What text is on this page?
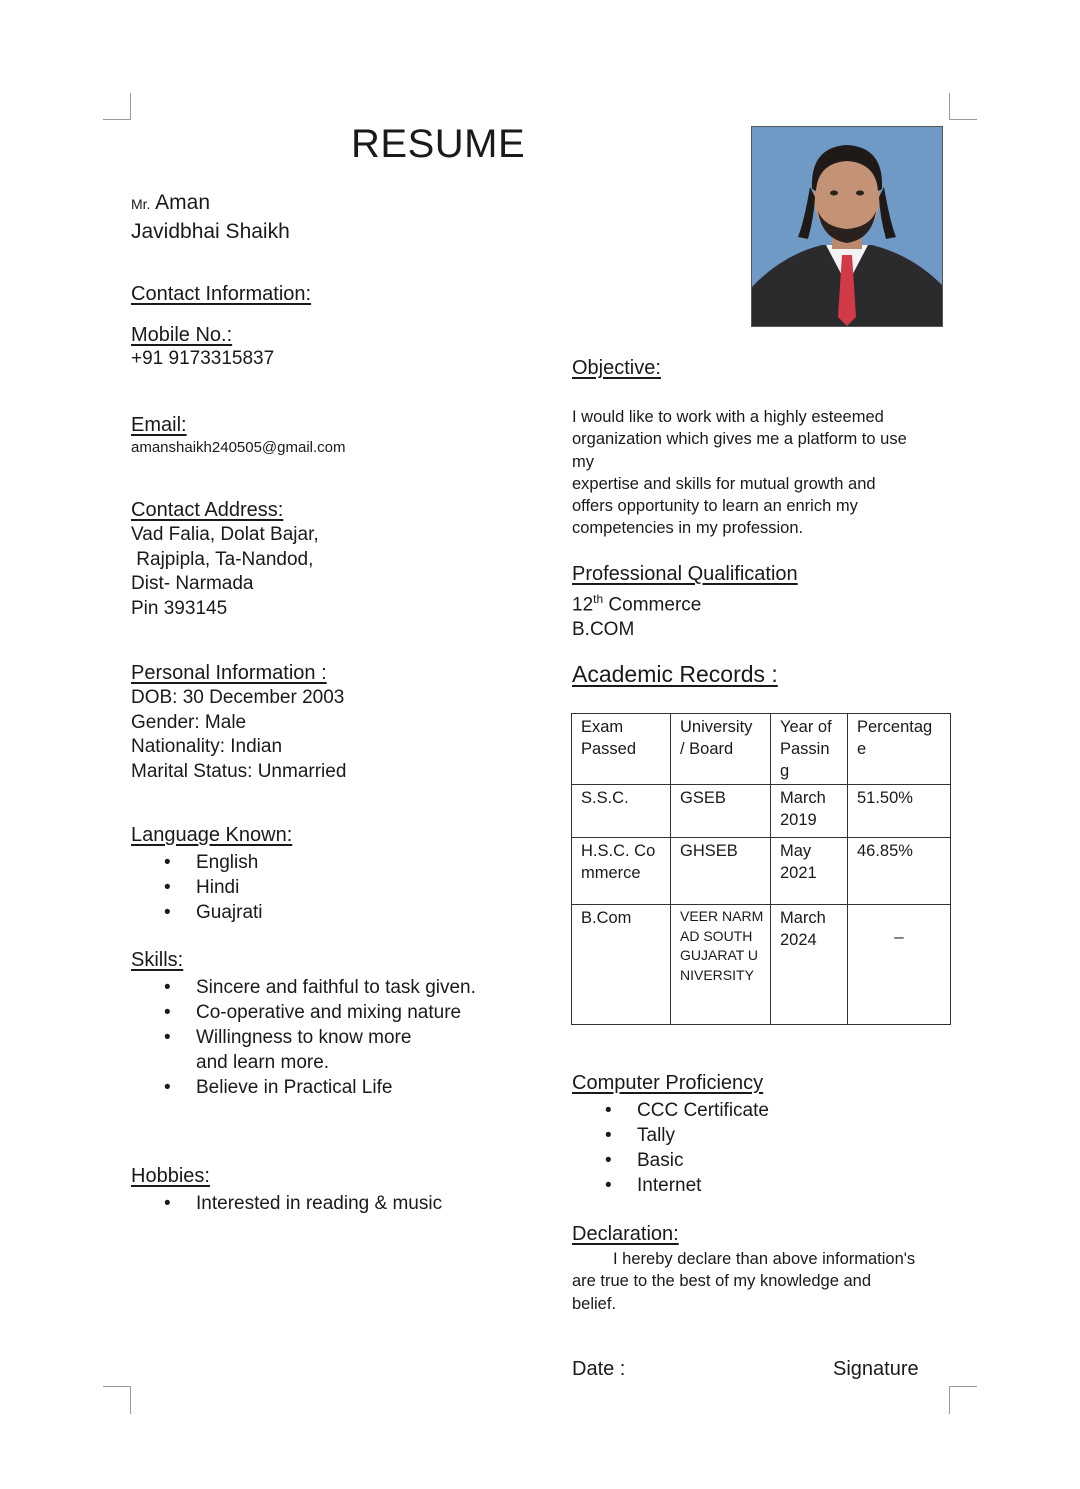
RESUME
Mr. Aman
Javidbhai Shaikh
Contact Information:
Mobile No.:
+91 9173315837
Email:
amanshaikh240505@gmail.com
Contact Address:
Vad Falia, Dolat Bajar,
Rajpipla, Ta-Nandod,
Dist- Narmada
Pin 393145
Personal Information :
DOB: 30 December 2003
Gender: Male
Nationality: Indian
Marital Status: Unmarried
Language Known:
• English
• Hindi
• Guajrati
Skills:
• Sincere and faithful to task given.
• Co-operative and mixing nature
• Willingness to know more and learn more.
• Believe in Practical Life
Hobbies:
• Interested in reading & music
Objective:
I would like to work with a highly esteemed
organization which gives me a platform to use
my
expertise and skills for mutual growth and
offers opportunity to learn an enrich my
competencies in my profession.
Professional Qualification
12th Commerce
B.COM
Academic Records :
Exam Passed	University / Board	Year of Passing	Percentage
S.S.C.	GSEB	March 2019	51.50%
H.S.C. Commerce	GHSEB	May 2021	46.85%
B.Com	VEER NARMAD SOUTH GUJARAT UNIVERSITY	March 2024	_
Computer Proficiency
• CCC Certificate
• Tally
• Basic
• Internet
Declaration:
I hereby declare than above information's
are true to the best of my knowledge and
belief.
Date :	Signature
